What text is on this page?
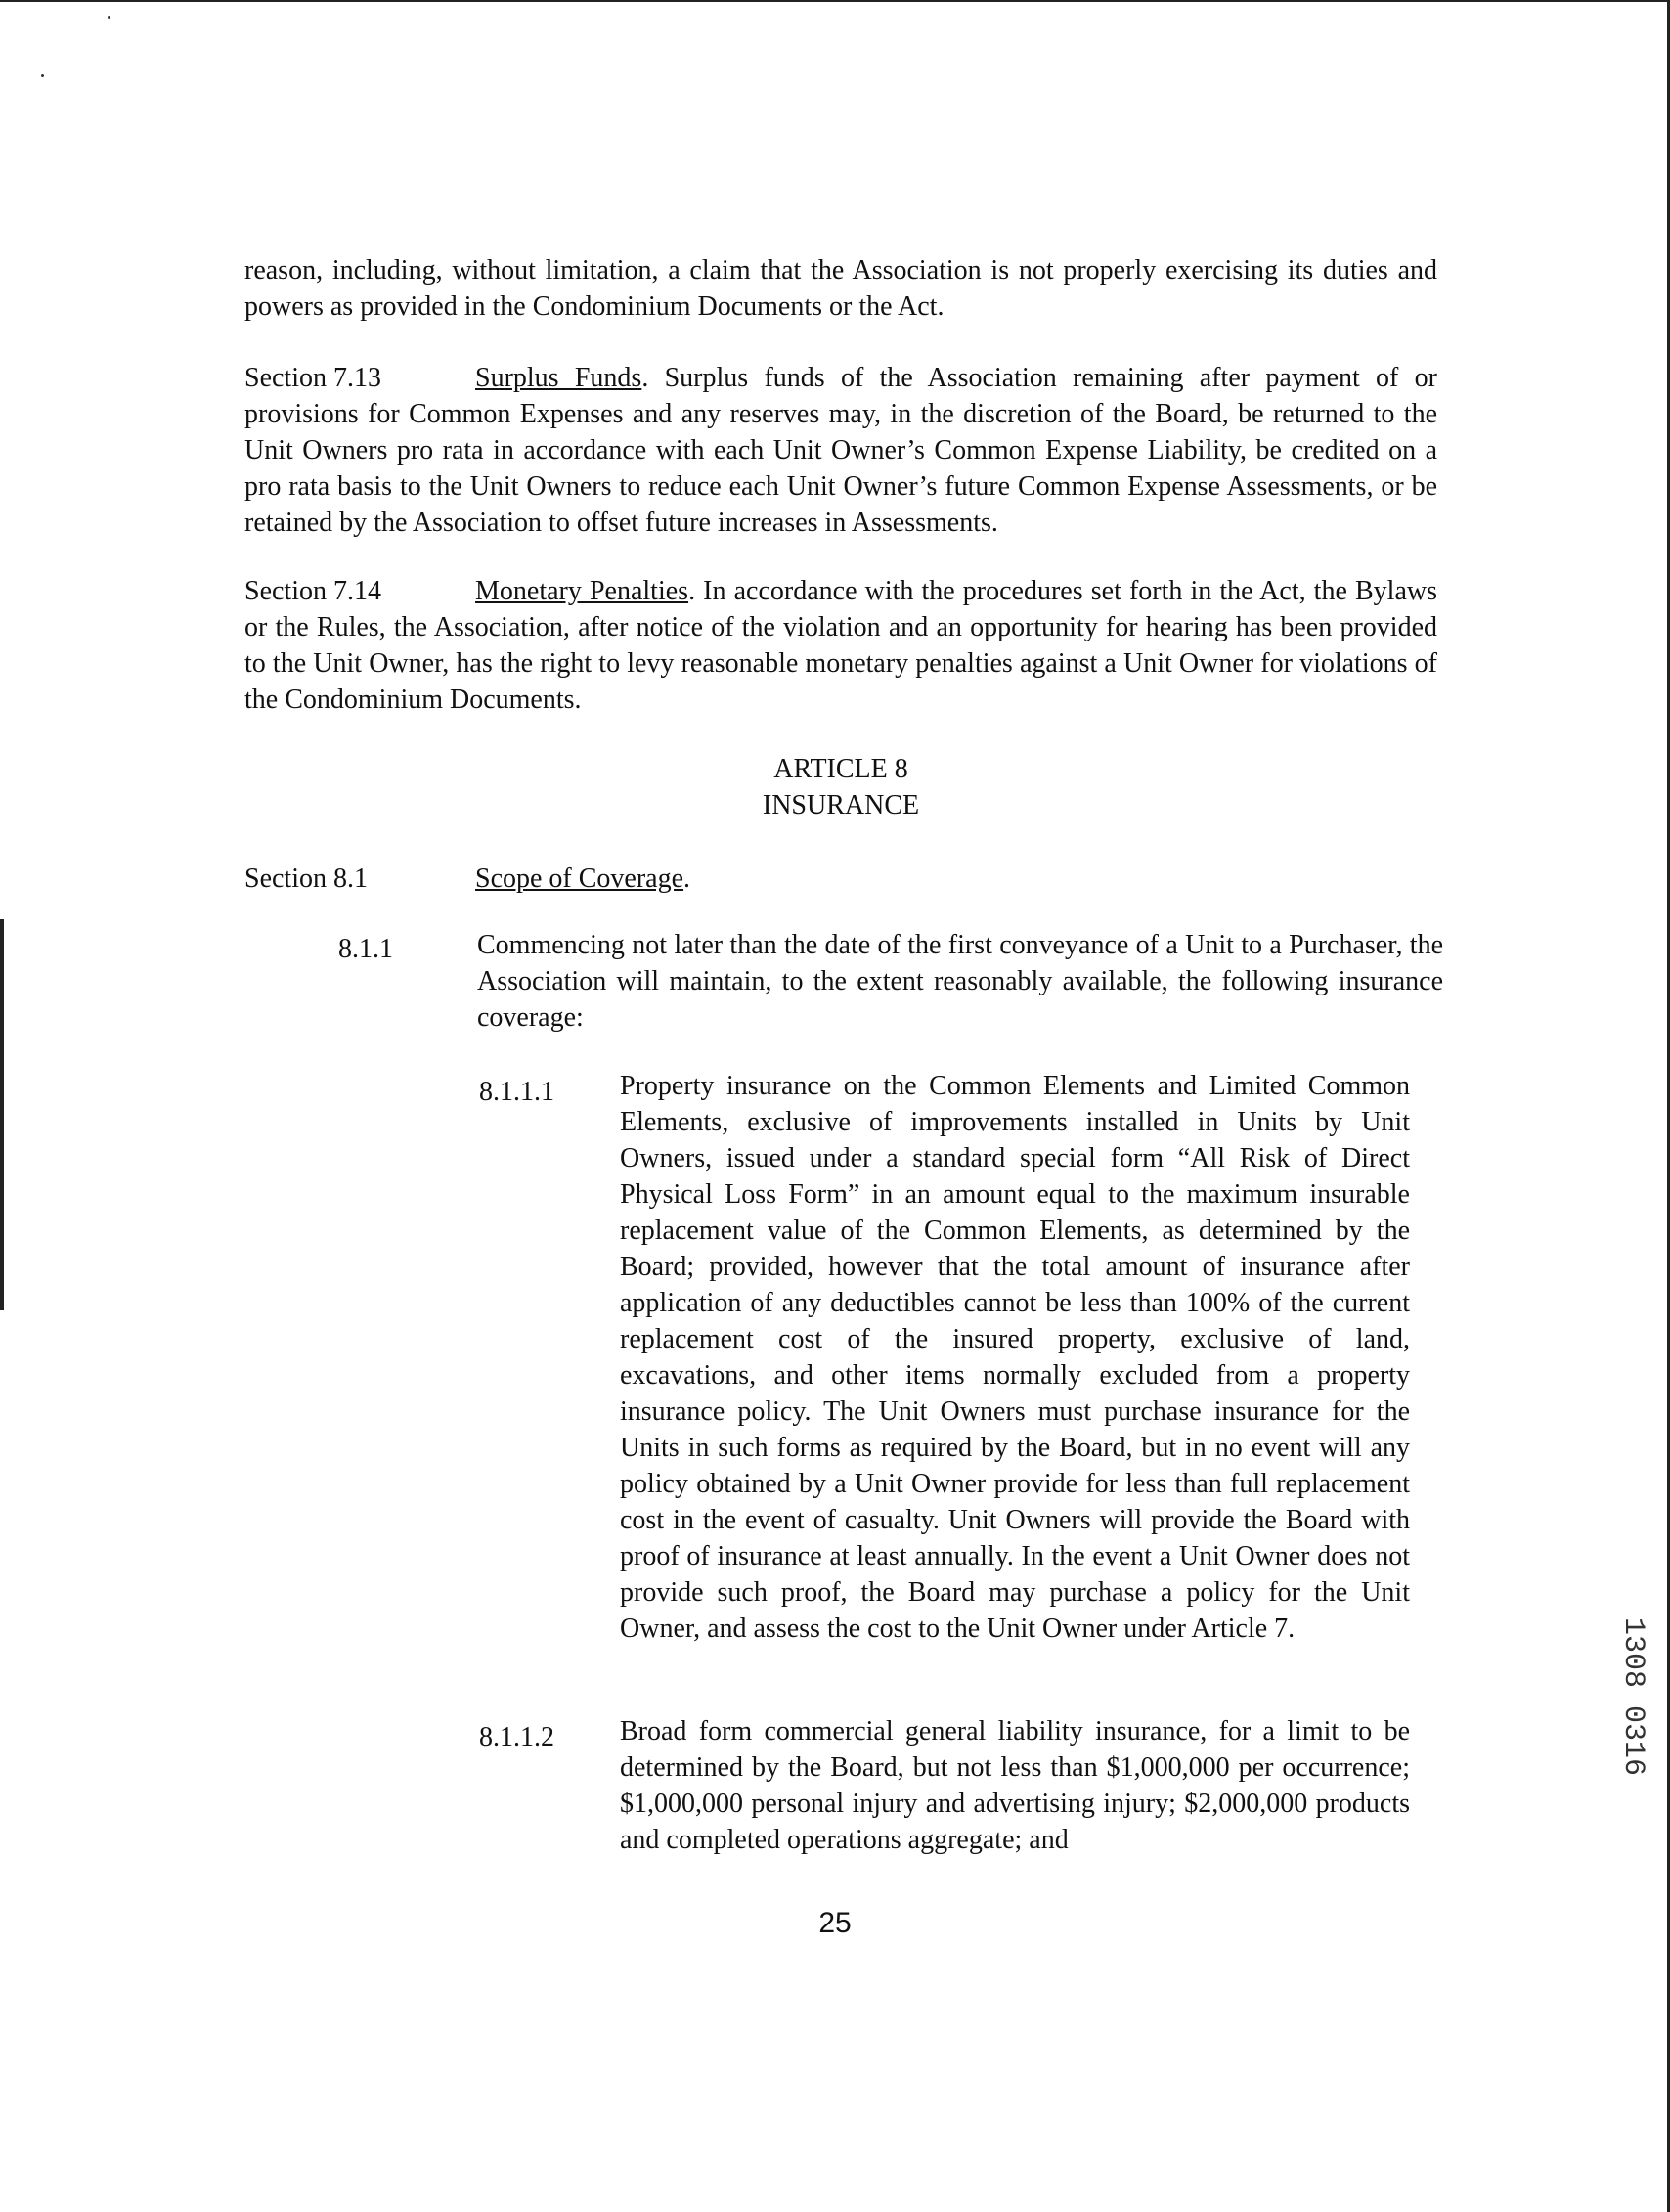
reason, including, without limitation, a claim that the Association is not properly exercising its duties and powers as provided in the Condominium Documents or the Act.

Section 7.13	Surplus Funds. Surplus funds of the Association remaining after payment of or provisions for Common Expenses and any reserves may, in the discretion of the Board, be returned to the Unit Owners pro rata in accordance with each Unit Owner’s Common Expense Liability, be credited on a pro rata basis to the Unit Owners to reduce each Unit Owner’s future Common Expense Assessments, or be retained by the Association to offset future increases in Assessments.

Section 7.14	Monetary Penalties. In accordance with the procedures set forth in the Act, the Bylaws or the Rules, the Association, after notice of the violation and an opportunity for hearing has been provided to the Unit Owner, has the right to levy reasonable monetary penalties against a Unit Owner for violations of the Condominium Documents.

ARTICLE 8

INSURANCE

Section 8.1	Scope of Coverage.

8.1.1	Commencing not later than the date of the first conveyance of a Unit to a Purchaser, the Association will maintain, to the extent reasonably available, the following insurance coverage:

8.1.1.1 Property insurance on the Common Elements and Limited Common Elements, exclusive of improvements installed in Units by Unit Owners, issued under a standard special form “All Risk of Direct Physical Loss Form” in an amount equal to the maximum insurable replacement value of the Common Elements, as determined by the Board; provided, however that the total amount of insurance after application of any deductibles cannot be less than 100% of the current replacement cost of the insured property, exclusive of land, excavations, and other items normally excluded from a property insurance policy. The Unit Owners must purchase insurance for the Units in such forms as required by the Board, but in no event will any policy obtained by a Unit Owner provide for less than full replacement cost in the event of casualty. Unit Owners will provide the Board with proof of insurance at least annually. In the event a Unit Owner does not provide such proof, the Board may purchase a policy for the Unit Owner, and assess the cost to the Unit Owner under Article 7.

8.1.1.2 Broad form commercial general liability insurance, for a limit to be determined by the Board, but not less than $1,000,000 per occurrence; $1,000,000 personal injury and advertising injury; $2,000,000 products and completed operations aggregate; and

25
1308 0316
